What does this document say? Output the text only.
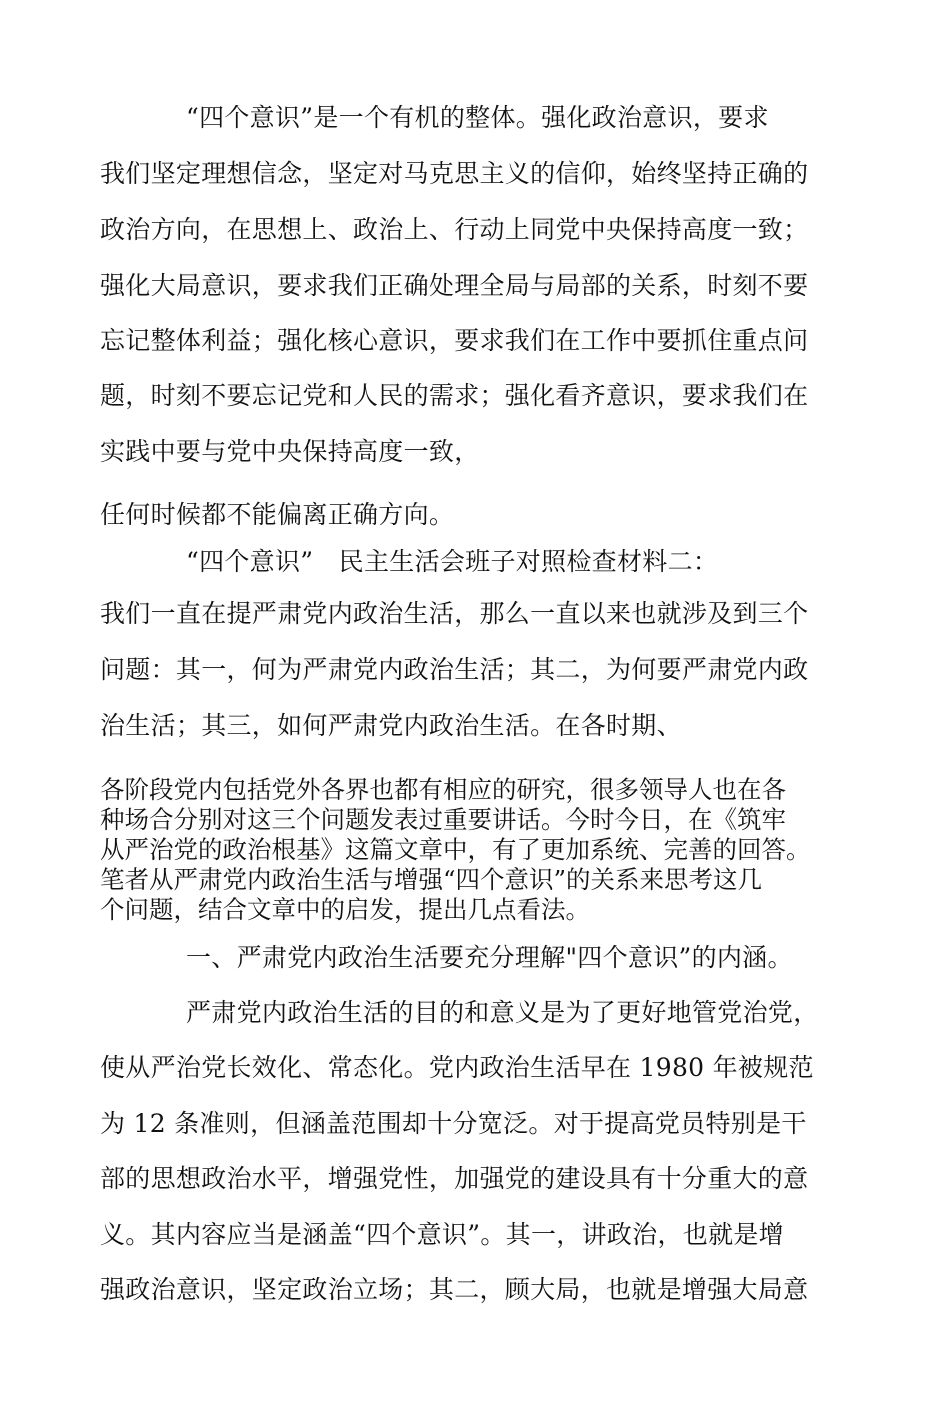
“四个意识”是一个有机的整体。强化政治意识，要求
我们坚定理想信念，坚定对马克思主义的信仰，始终坚持正确的
政治方向，在思想上、政治上、行动上同党中央保持高度一致；
强化大局意识，要求我们正确处理全局与局部的关系，时刻不要
忘记整体利益；强化核心意识，要求我们在工作中要抓住重点问
题，时刻不要忘记党和人民的需求；强化看齐意识，要求我们在
实践中要与党中央保持高度一致，
任何时候都不能偏离正确方向。
“四个意识”　民主生活会班子对照检查材料二：
我们一直在提严肃党内政治生活，那么一直以来也就涉及到三个
问题：其一，何为严肃党内政治生活；其二，为何要严肃党内政
治生活；其三，如何严肃党内政治生活。在各时期、
各阶段党内包括党外各界也都有相应的研究，很多领导人也在各
种场合分别对这三个问题发表过重要讲话。今时今日，在《筑牢
从严治党的政治根基》这篇文章中，有了更加系统、完善的回答。
笔者从严肃党内政治生活与增强“四个意识”的关系来思考这几
个问题，结合文章中的启发，提出几点看法。
一、严肃党内政治生活要充分理解"四个意识”的内涵。
严肃党内政治生活的目的和意义是为了更好地管党治党，
使从严治党长效化、常态化。党内政治生活早在 1980 年被规范
为 12 条准则，但涵盖范围却十分宽泛。对于提高党员特别是干
部的思想政治水平，增强党性，加强党的建设具有十分重大的意
义。其内容应当是涵盖“四个意识”。其一，讲政治，也就是增
强政治意识，坚定政治立场；其二，顾大局，也就是增强大局意
